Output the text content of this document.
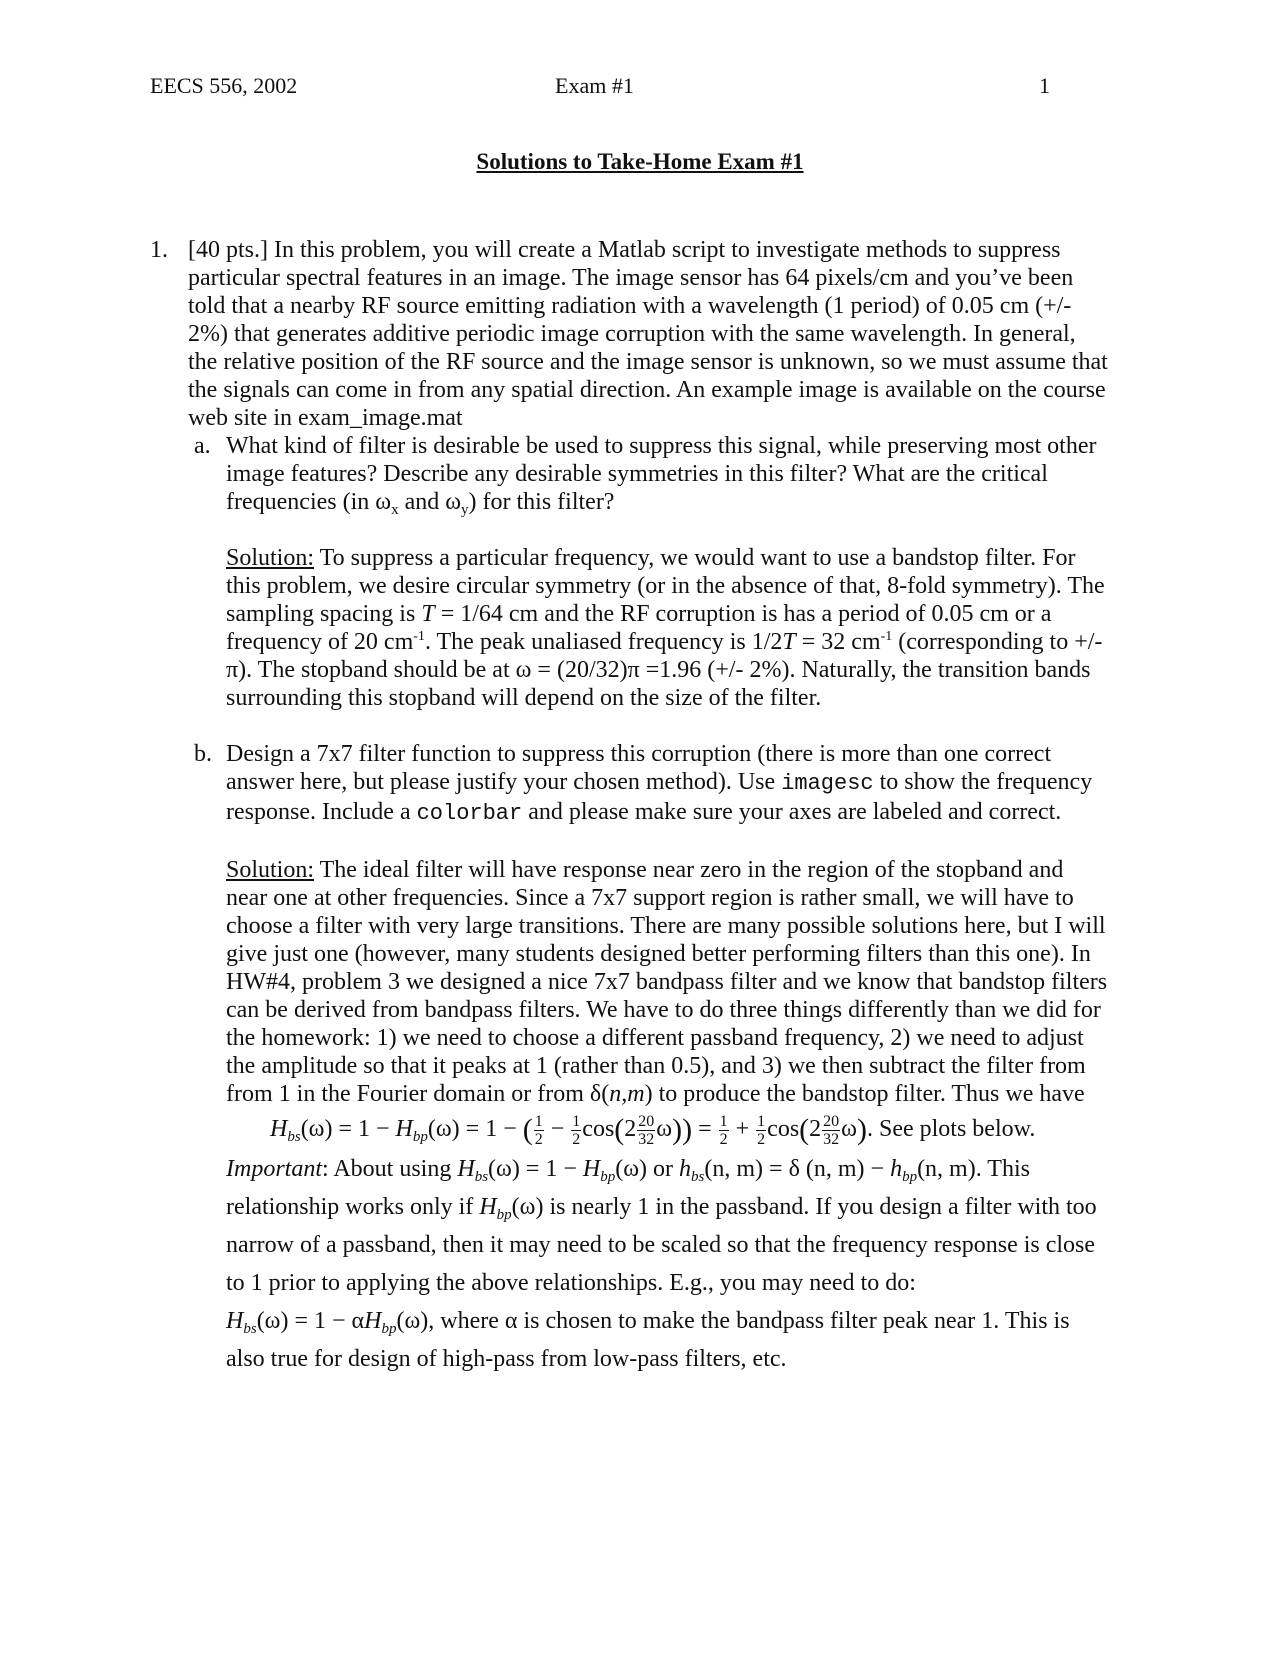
EECS 556, 2002	Exam #1	1
Solutions to Take-Home Exam #1
1. [40 pts.] In this problem, you will create a Matlab script to investigate methods to suppress particular spectral features in an image. The image sensor has 64 pixels/cm and you’ve been told that a nearby RF source emitting radiation with a wavelength (1 period) of 0.05 cm (+/- 2%) that generates additive periodic image corruption with the same wavelength. In general, the relative position of the RF source and the image sensor is unknown, so we must assume that the signals can come in from any spatial direction. An example image is available on the course web site in exam_image.mat

a. What kind of filter is desirable be used to suppress this signal, while preserving most other image features? Describe any desirable symmetries in this filter? What are the critical frequencies (in $\omega_x$ and $\omega_y$) for this filter?

Solution: To suppress a particular frequency, we would want to use a bandstop filter. For this problem, we desire circular symmetry (or in the absence of that, 8-fold symmetry). The sampling spacing is T = 1/64 cm and the RF corruption is has a period of 0.05 cm or a frequency of 20 $cm^{-1}$. The peak unaliased frequency is 1/2T = 32 $cm^{-1}$ (corresponding to +/- π). The stopband should be at ω = (20/32)π =1.96 (+/- 2%). Naturally, the transition bands surrounding this stopband will depend on the size of the filter.

b. Design a 7x7 filter function to suppress this corruption (there is more than one correct answer here, but please justify your chosen method). Use imagesc to show the frequency response. Include a colorbar and please make sure your axes are labeled and correct.

Solution: The ideal filter will have response near zero in the region of the stopband and near one at other frequencies. Since a 7x7 support region is rather small, we will have to choose a filter with very large transitions. There are many possible solutions here, but I will give just one (however, many students designed better performing filters than this one). In HW#4, problem 3 we designed a nice 7x7 bandpass filter and we know that bandstop filters can be derived from bandpass filters. We have to do three things differently than we did for the homework: 1) we need to choose a different passband frequency, 2) we need to adjust the amplitude so that it peaks at 1 (rather than 0.5), and 3) we then subtract the filter from from 1 in the Fourier domain or from δ(n,m) to produce the bandstop filter. Thus we have

$H_{bs}(\omega) = 1 - H_{bp}(\omega) = 1$ − ( $\frac{1}{2} - \frac{1}{2} \cos(2 \frac{20}{32} \omega)) = \frac{1}{2} + \frac{1}{2} \cos(2 \frac{20}{32} \omega)$. See plots below.

Important: About using $H_{bs}(\omega) = 1 - H_{bp}(\omega)$ or $h_{bs}(n$, m) = δ (n, $m) - h_{bp}(n$, m). This relationship works only if $H_{bp}(\omega)$ is nearly 1 in the passband. If you design a filter with too narrow of a passband, then it may need to be scaled so that the frequency response is close to 1 prior to applying the above relationships. E.g., you may need to do:

$H_{bs}(\omega) = 1 - \alpha H_{bp}(\omega)$, where α is chosen to make the bandpass filter peak near 1. This is also true for design of high-pass from low-pass filters, etc.
